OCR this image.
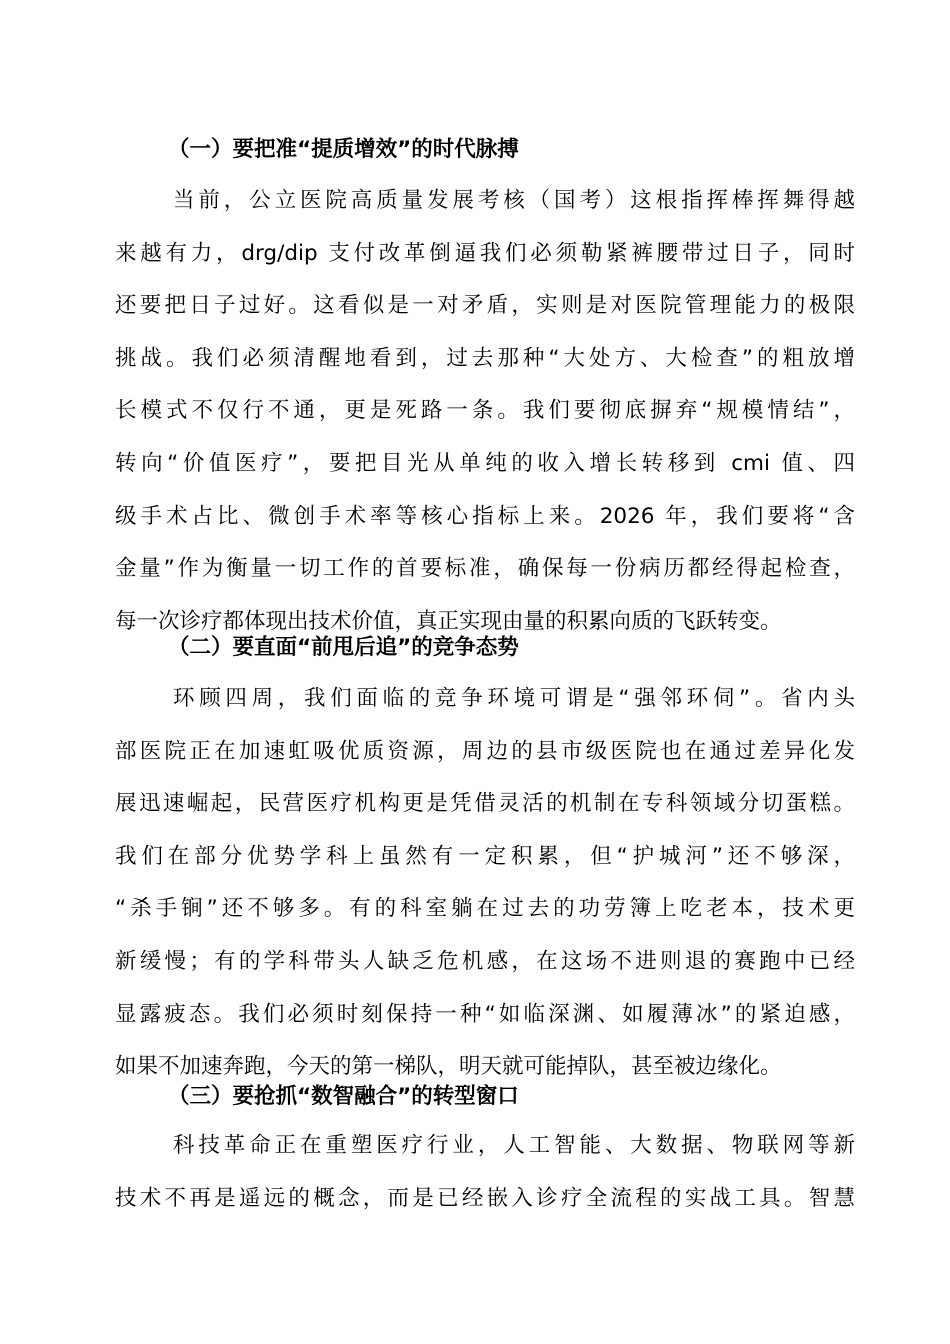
（一）要把准“提质增效”的时代脉搏
当前，公立医院高质量发展考核（国考）这根指挥棒挥舞得越
来越有力，drg/dip 支付改革倒逼我们必须勒紧裤腰带过日子，同时
还要把日子过好。这看似是一对矛盾，实则是对医院管理能力的极限
挑战。我们必须清醒地看到，过去那种“大处方、大检查”的粗放增
长模式不仅行不通，更是死路一条。我们要彻底摒弃“规模情结”，
转向“价值医疗”，要把目光从单纯的收入增长转移到 cmi 值、四
级手术占比、微创手术率等核心指标上来。2026 年，我们要将“含
金量”作为衡量一切工作的首要标准，确保每一份病历都经得起检查，
每一次诊疗都体现出技术价值，真正实现由量的积累向质的飞跃转变。
（二）要直面“前甩后追”的竞争态势
环顾四周，我们面临的竞争环境可谓是“强邻环伺”。省内头
部医院正在加速虹吸优质资源，周边的县市级医院也在通过差异化发
展迅速崛起，民营医疗机构更是凭借灵活的机制在专科领域分切蛋糕。
我们在部分优势学科上虽然有一定积累，但“护城河”还不够深，
“杀手锏”还不够多。有的科室躺在过去的功劳簿上吃老本，技术更
新缓慢；有的学科带头人缺乏危机感，在这场不进则退的赛跑中已经
显露疲态。我们必须时刻保持一种“如临深渊、如履薄冰”的紧迫感，
如果不加速奔跑，今天的第一梯队，明天就可能掉队，甚至被边缘化。
（三）要抢抓“数智融合”的转型窗口
科技革命正在重塑医疗行业，人工智能、大数据、物联网等新
技术不再是遥远的概念，而是已经嵌入诊疗全流程的实战工具。智慧
